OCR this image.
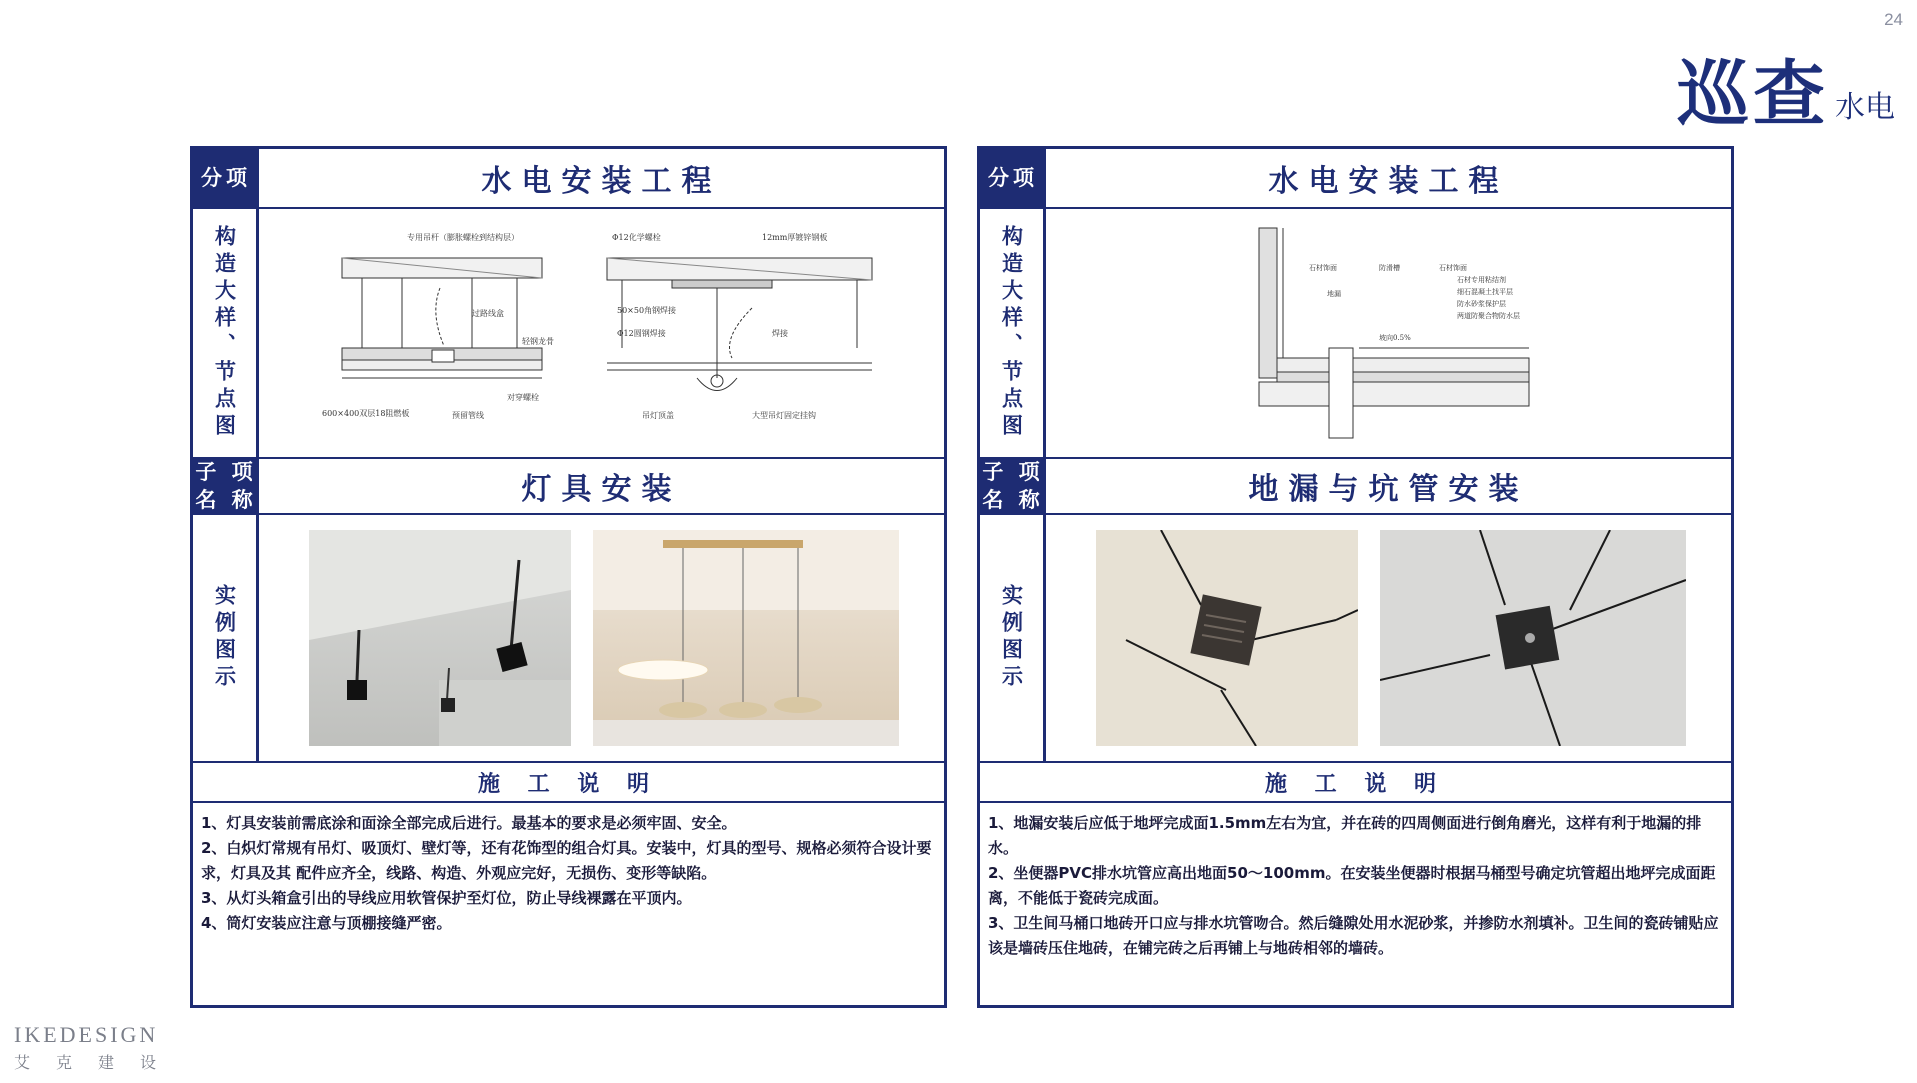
24
巡查 水电
分项	水电安装工程
构造大样、节点图	专用吊杆（膨胀螺栓到结构层）
过路线盒
轻钢龙骨
对穿螺栓
预留管线
600×400双层18阻燃板
Φ12化学螺栓	12mm厚镀锌钢板
50×50角钢焊接
Φ12圆钢焊接	焊接
吊灯顶盖	大型吊灯固定挂钩
子 项
名 称	灯具安装
实例图示
施 工 说 明

1、灯具安装前需底涂和面涂全部完成后进行。最基本的要求是必须牢固、安全。

2、白炽灯常规有吊灯、吸顶灯、壁灯等，还有花饰型的组合灯具。安装中，灯具的型号、规格必须符合设计要求，灯具及其 配件应齐全，线路、构造、外观应完好，无损伤、变形等缺陷。

3、从灯头箱盒引出的导线应用软管保护至灯位，防止导线裸露在平顶内。

4、筒灯安装应注意与顶棚接缝严密。

分项	水电安装工程
构造大样、节点图	石材饰面	防滑槽	石材饰面
石材专用粘结剂
细石混凝土找平层
防水砂浆保护层
两道防聚合物防水层
地漏
坡向0.5%
子 项
名 称	地漏与坑管安装
实例图示
施 工 说 明

1、地漏安装后应低于地坪完成面1.5mm左右为宜，并在砖的四周侧面进行倒角磨光，这样有利于地漏的排水。

2、坐便器PVC排水坑管应高出地面50～100mm。在安装坐便器时根据马桶型号确定坑管超出地坪完成面距离，不能低于瓷砖完成面。

3、卫生间马桶口地砖开口应与排水坑管吻合。然后缝隙处用水泥砂浆，并掺防水剂填补。卫生间的瓷砖铺贴应该是墙砖压住地砖，在铺完砖之后再铺上与地砖相邻的墙砖。

IKEDESIGN
艾克建设
